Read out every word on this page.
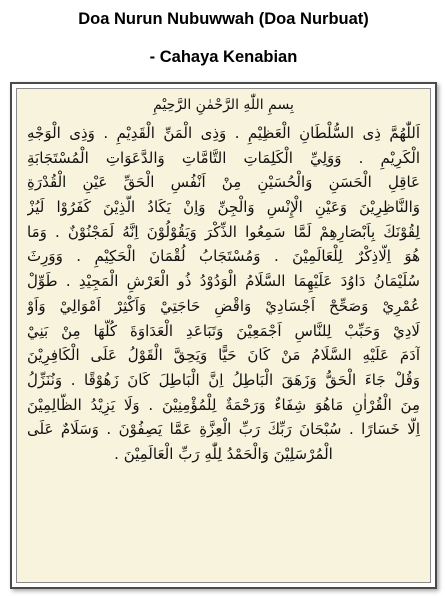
Doa Nurun Nubuwwah (Doa Nurbuat)
- Cahaya Kenabian
بِسمِ اللّٰهِ الرَّحْمٰنِ الرَّحِيْمِ
اَللّٰهُمَّ ذِى السُّلْطَانِ الْعَظِيْمِ . وَذِى الْمَنِّ الْقَدِيْمِ . وَذِى الْوَجْهِ
الْكَرِيْمِ . وَوَلِيِّ الْكَلِمَاتِ التَّامَّاتِ وَالدَّعَوَاتِ الْمُسْتَجَابَةِ
عَاقِلِ الْحَسَنِ وَالْحُسَيْنِ مِنْ اَنْفُسِ الْحَقِّ عَيْنِ الْقُدْرَةِ
وَالنَّاظِرِيْنَ وَعَيْنِ الْإِنْسِ وَالْجِنِّ وَاِنْ يَكَادُ الَّذِيْنَ كَفَرُوْا لَيُزْ
لِقُوْنَكَ بِاَبْصَارِهِمْ لَمَّا سَمِعُوا الذِّكْرَ وَيَقُوْلُوْنَ اِنَّهُ لَمَجْنُوْنٌ . وَمَا
هُوَ اِلَّاذِكْرٌ لِلْعَالَمِيْنَ . وَمُسْتَجَابُ لُقْمَانَ الْحَكِيْمِ . وَوَرِثَ
سُلَيْمَانُ دَاوُدَ عَلَيْهِمَا السَّلَامُ الْوَدُوْدُ ذُو الْعَرْشِ الْمَجِيْدِ . طَوِّلْ
عُمْرِيْ وَصَحِّحْ اَجْسَادِيْ وَاقْضِ حَاجَتِيْ وَاَكْثِرْ اَمْوَالِيْ وَاَوْ
لَادِيْ وَحَبِّبْ لِلنَّاسِ اَجْمَعِيْنَ وَتَبَاعَدِ الْعَدَاوَةَ كُلَّهَا مِنْ بَنِيْ
آدَمَ عَلَيْهِ السَّلَامُ مَنْ كَانَ حَيًّا وَيَحِقَّ الْقَوْلُ عَلَى الْكَافِرِيْنَ
وَقُلْ جَاءَ الْحَقُّ وَزَهَقَ الْبَاطِلُ اِنَّ الْبَاطِلَ كَانَ زَهُوْقًا . وَنُنَزِّلُ
مِنَ الْقُرْاٰنِ مَاهُوَ شِفَاءٌ وَرَحْمَةٌ لِلْمُؤْمِنِيْنَ . وَلَا يَزِيْدُ الظَّالِمِيْنَ
اِلَّا خَسَارًا . سُبْحَانَ رَبِّكَ رَبِّ الْعِزَّةِ عَمَّا يَصِفُوْنَ . وَسَلَامٌ عَلَى
الْمُرْسَلِيْنَ وَالْحَمْدُ لِلّٰهِ رَبِّ الْعَالَمِيْنَ .
